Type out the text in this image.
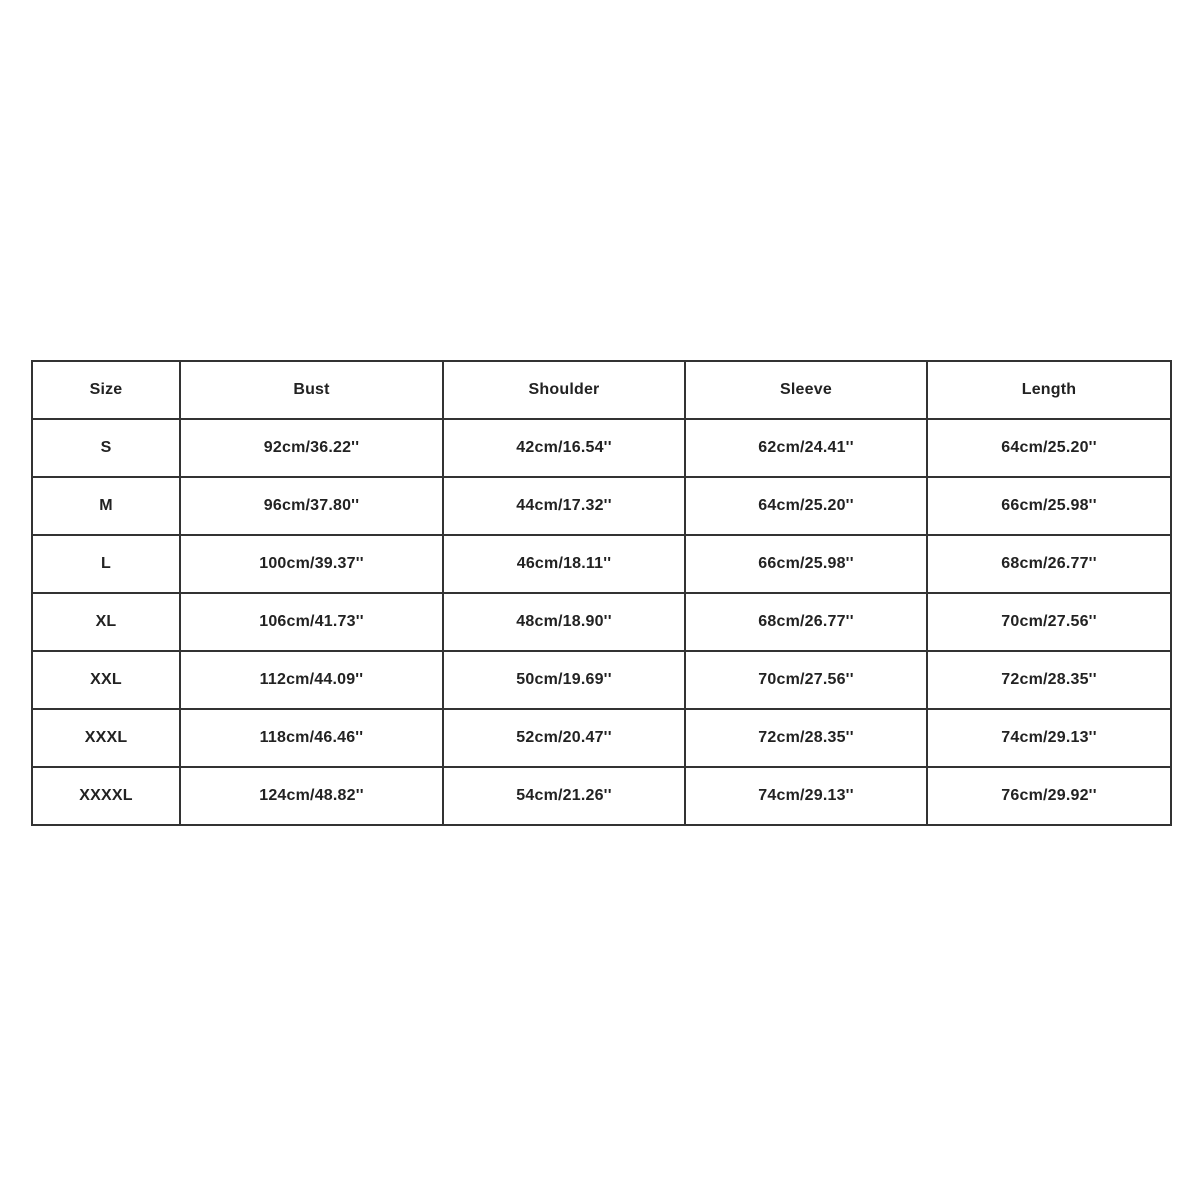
Size	Bust	Shoulder	Sleeve	Length
S	92cm/36.22''	42cm/16.54''	62cm/24.41''	64cm/25.20''
M	96cm/37.80''	44cm/17.32''	64cm/25.20''	66cm/25.98''
L	100cm/39.37''	46cm/18.11''	66cm/25.98''	68cm/26.77''
XL	106cm/41.73''	48cm/18.90''	68cm/26.77''	70cm/27.56''
XXL	112cm/44.09''	50cm/19.69''	70cm/27.56''	72cm/28.35''
XXXL	118cm/46.46''	52cm/20.47''	72cm/28.35''	74cm/29.13''
XXXXL	124cm/48.82''	54cm/21.26''	74cm/29.13''	76cm/29.92''
